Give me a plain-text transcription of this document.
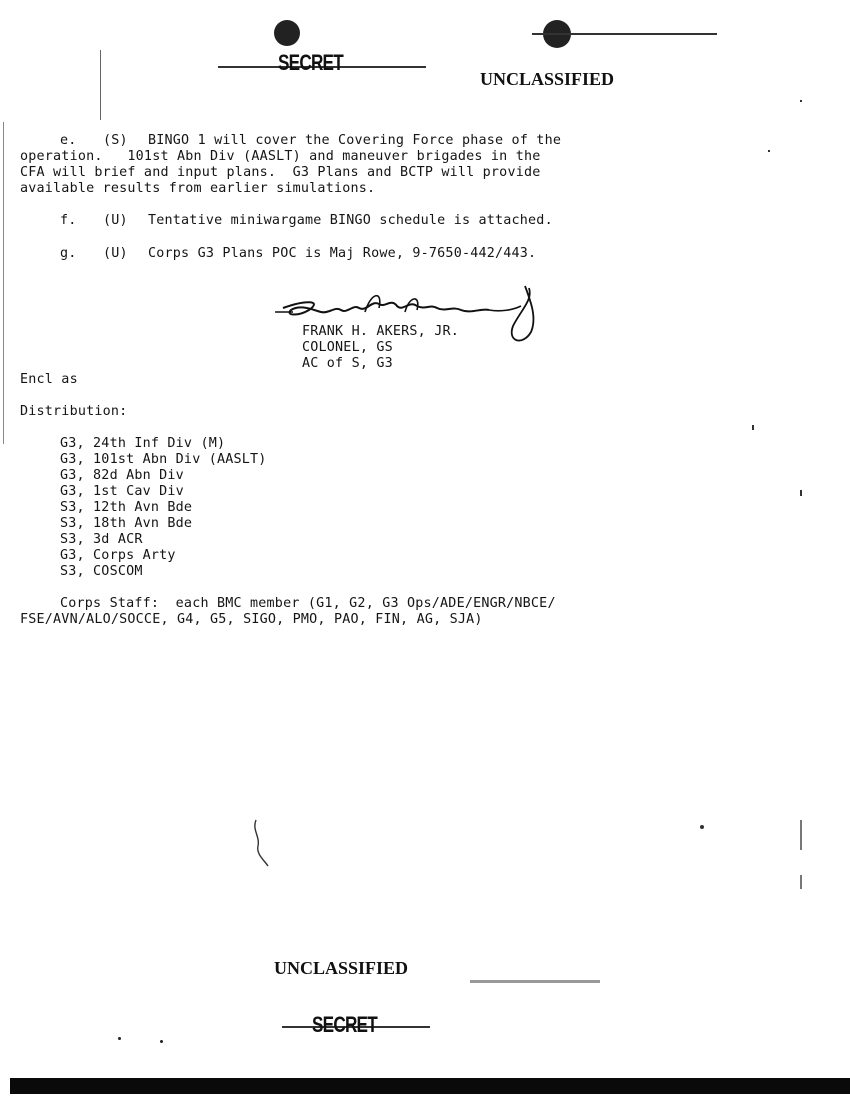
SECRET
UNCLASSIFIED
e. (S) BINGO 1 will cover the Covering Force phase of the
operation.   101st Abn Div (AASLT) and maneuver brigades in the
CFA will brief and input plans.  G3 Plans and BCTP will provide
available results from earlier simulations.
f. (U) Tentative miniwargame BINGO schedule is attached.
g. (U) Corps G3 Plans POC is Maj Rowe, 9-7650-442/443.
FRANK H. AKERS, JR.
COLONEL, GS
AC of S, G3
Encl as
Distribution:
G3, 24th Inf Div (M)
G3, 101st Abn Div (AASLT)
G3, 82d Abn Div
G3, 1st Cav Div
S3, 12th Avn Bde
S3, 18th Avn Bde
S3, 3d ACR
G3, Corps Arty
S3, COSCOM
Corps Staff:  each BMC member (G1, G2, G3 Ops/ADE/ENGR/NBCE/
FSE/AVN/ALO/SOCCE, G4, G5, SIGO, PMO, PAO, FIN, AG, SJA)
UNCLASSIFIED
SECRET
